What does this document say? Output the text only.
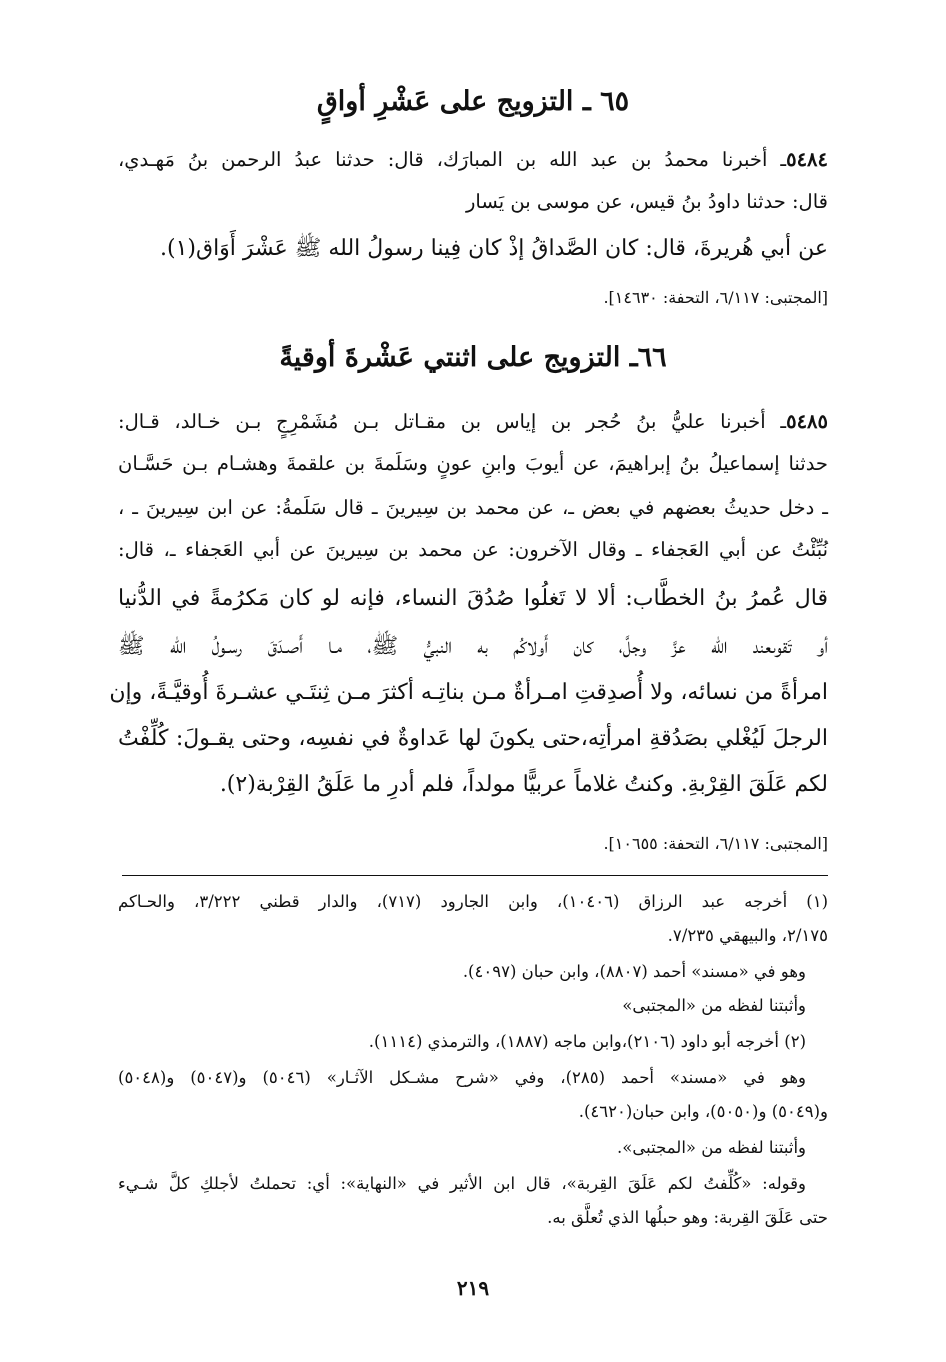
٦٥ ـ التزويج على عَشْرِ أواقٍ
٥٤٨٤ـ أخبرنا محمدُ بن عبد الله بن المبارَك، قال: حدثنا عبدُ الرحمن بنُ مَهـدي،
قال: حدثنا داودُ بنُ قيس، عن موسى بن يَسار
عن أبي هُريرةَ، قال: كان الصَّداقُ إذْ كان فِينا رسولُ الله ﷺ عَشْرَ أَوَاق(١).
[المجتبى: ٦/١١٧، التحفة: ١٤٦٣٠].
٦٦ـ التزويج على اثنتي عَشْرةَ أوقيةً
٥٤٨٥ـ أخبرنا عليُّ بنُ حُجر بن إياس بن مقـاتل بـن مُشَمْرِجٍ بـن خـالد، قـال:
حدثنا إسماعيلُ بنُ إبراهيمَ، عن أيوبَ وابنِ عونٍ وسَلَمةَ بن علقمةَ وهشـام بـن حَسَّـان
ـ دخل حديثُ بعضهم في بعض ـ، عن محمد بن سِيرينَ ـ قال سَلَمةُ: عن ابن سِيرينَ ـ ،
نُبِّئْتُ عن أبي العَجفاء ـ وقال الآخرون: عن محمد بن سِيرينَ عن أبي العَجفاء ـ، قال:
قال عُمرُ بنُ الخطَّاب: ألا لا تَغلُوا صُدُقَ النساء، فإنه لو كان مَكرُمةً في الدُّنيا
أو تَقوىعند الله عزَّ وجلَّ، كان أَولاكُم به النبيُّ ﷺ، مـا أَصـدَقَ رسـولُ الله ﷺ
امرأةً من نسائه، ولا أُصدِقتِ امـرأةٌ مـن بناتِـه أكثرَ مـن ثِنتَـي عشـرةَ أُوقيَّـةً، وإن
الرجلَ لَيُغْلي بصَدُقةِ امرأتِه،حتى يكونَ لها عَداوةٌ في نفسِه، وحتى يقـولَ: كُلِّفْتُ
لكم عَلَقَ القِرْبةِ. وكنتُ غلاماً عربيًّا مولداً، فلم أدرِ ما عَلَقُ القِرْبة(٢).
[المجتبى: ٦/١١٧، التحفة: ١٠٦٥٥].
(١) أخرجه عبد الرزاق (١٠٤٠٦)، وابن الجارود (٧١٧)، والدار قطني ٣/٢٢٢، والحـاكم
٢/١٧٥، والبيهقي ٧/٢٣٥.
وهو في «مسند» أحمد (٨٨٠٧)، وابن حبان (٤٠٩٧).
وأثبتنا لفظه من «المجتبى»
(٢) أخرجه أبو داود (٢١٠٦)،وابن ماجه (١٨٨٧)، والترمذي (١١١٤).
وهو في «مسند» أحمد (٢٨٥)، وفي «شرح مشـكل الآثـار» (٥٠٤٦) و(٥٠٤٧) و(٥٠٤٨)
و(٥٠٤٩) و(٥٠٥٠)، وابن حبان(٤٦٢٠).
وأثبتنا لفظه من «المجتبى».
وقوله: «كُلِّفتُ لكم عَلَقَ القِربة»، قال ابن الأثير في «النهاية»: أي: تحملتُ لأجلكِ كلَّ شـيء
حتى عَلَقَ القِربة: وهو حبلُها الذي تُعلَّق به.
٢١٩
